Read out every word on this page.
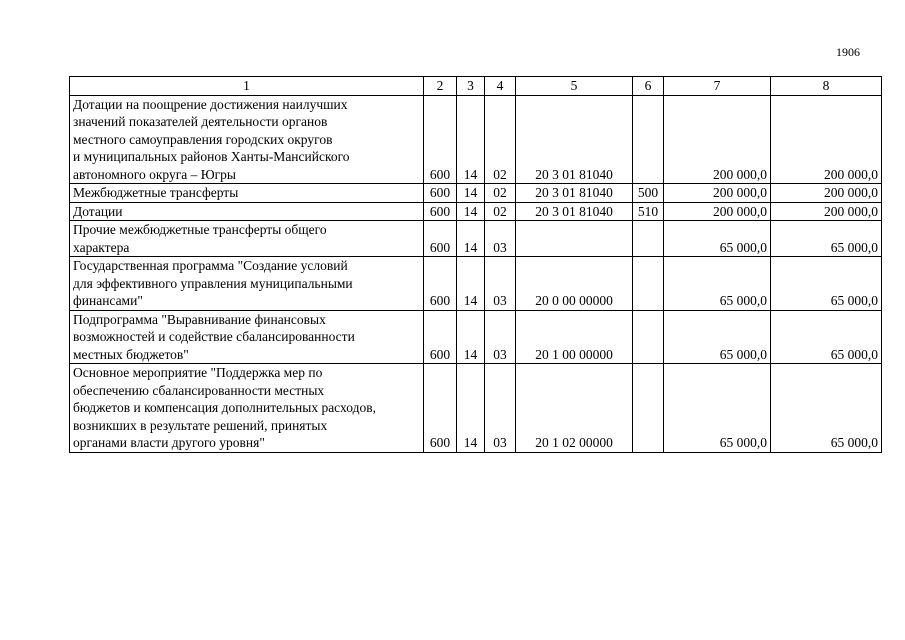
1906
1	2	3	4	5	6	7	8
Дотации на поощрение достижения наилучших
значений показателей деятельности органов
местного самоуправления городских округов
и муниципальных районов Ханты-Мансийского
автономного округа – Югры	600	14	02	20 3 01 81040		200 000,0	200 000,0
Межбюджетные трансферты	600	14	02	20 3 01 81040	500	200 000,0	200 000,0
Дотации	600	14	02	20 3 01 81040	510	200 000,0	200 000,0
Прочие межбюджетные трансферты общего
характера	600	14	03			65 000,0	65 000,0
Государственная программа "Создание условий
для эффективного управления муниципальными
финансами"	600	14	03	20 0 00 00000		65 000,0	65 000,0
Подпрограмма "Выравнивание финансовых
возможностей и содействие сбалансированности
местных бюджетов"	600	14	03	20 1 00 00000		65 000,0	65 000,0
Основное мероприятие "Поддержка мер по
обеспечению сбалансированности местных
бюджетов и компенсация дополнительных расходов,
возникших в результате решений, принятых
органами власти другого уровня"	600	14	03	20 1 02 00000		65 000,0	65 000,0
